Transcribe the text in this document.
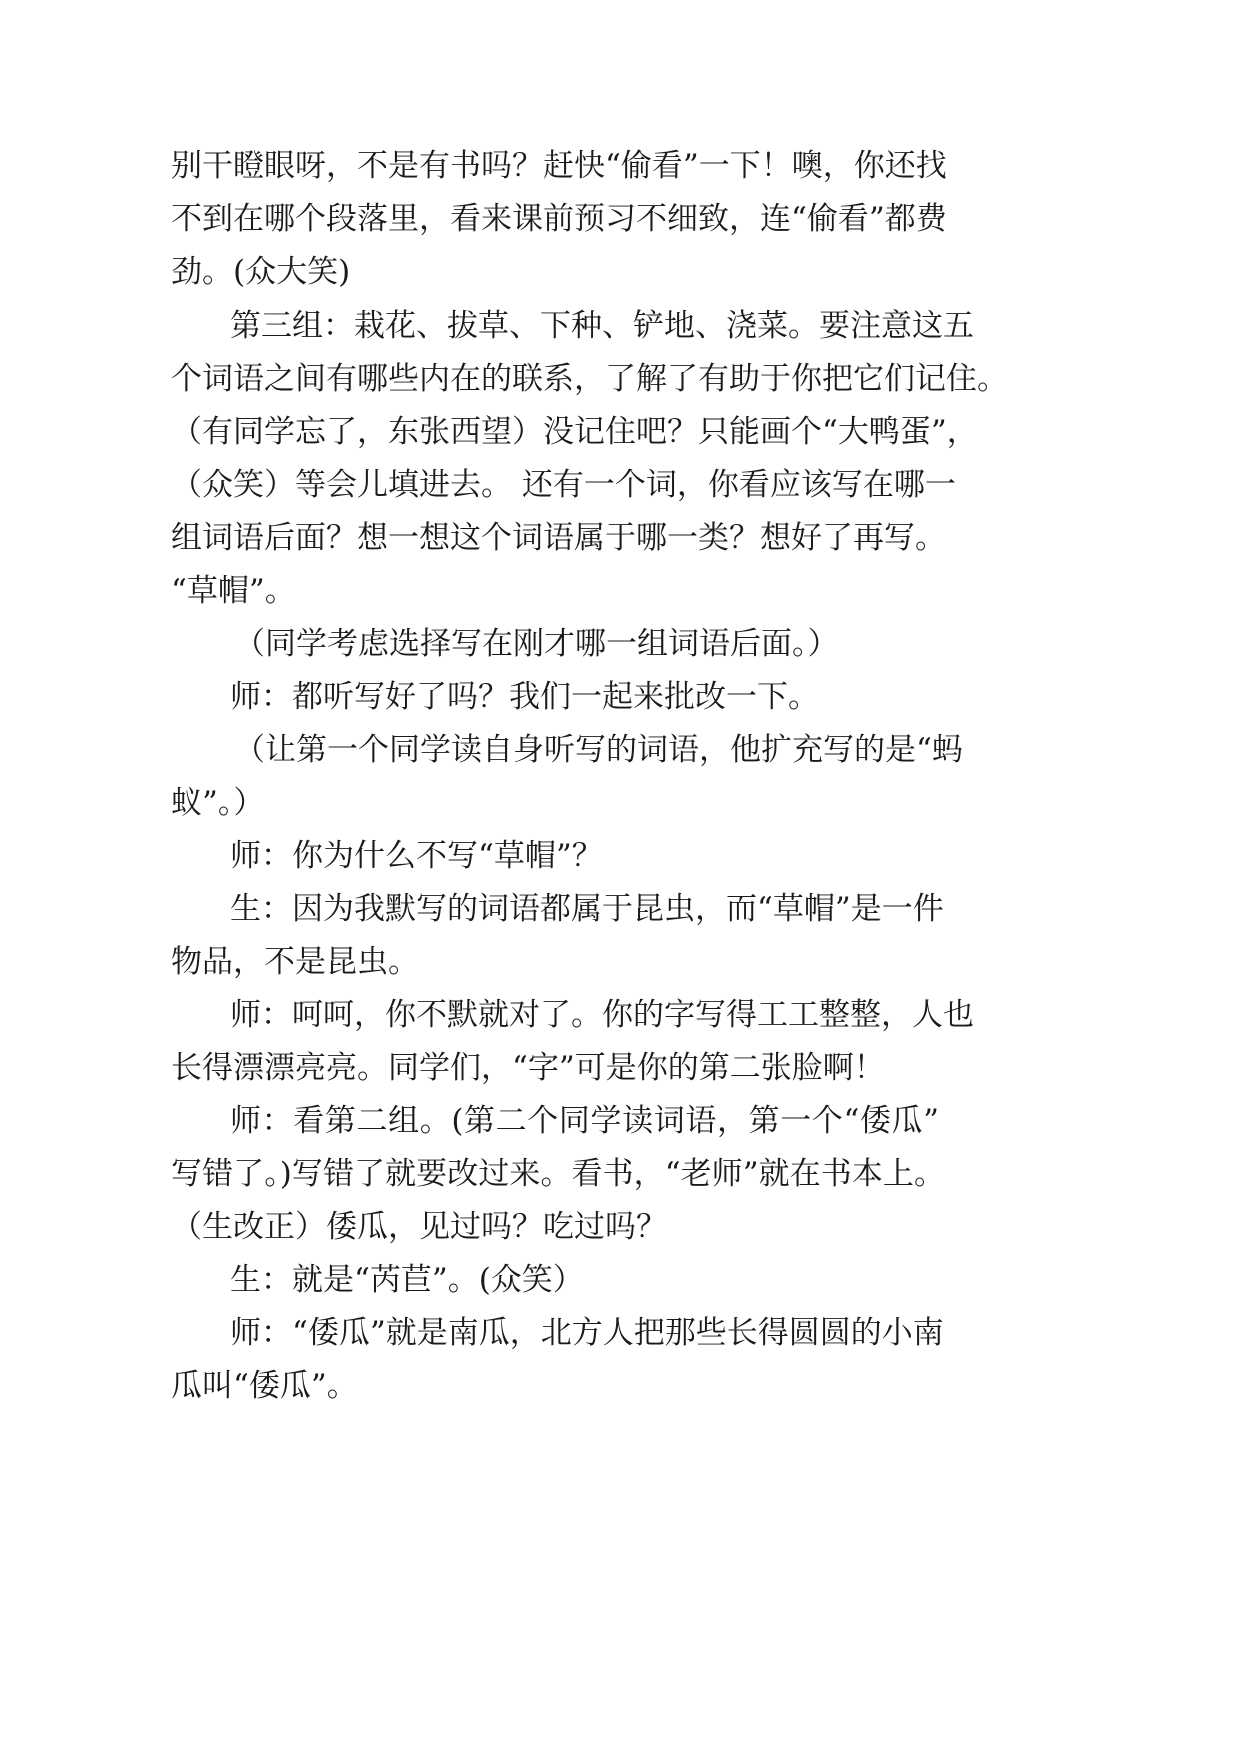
别干瞪眼呀，不是有书吗？赶快“偷看”一下！噢，你还找
不到在哪个段落里，看来课前预习不细致，连“偷看”都费
劲。(众大笑)
第三组：栽花、拔草、下种、铲地、浇菜。要注意这五
个词语之间有哪些内在的联系，了解了有助于你把它们记住。
（有同学忘了，东张西望）没记住吧？只能画个“大鸭蛋”，
（众笑）等会儿填进去。 还有一个词，你看应该写在哪一
组词语后面？想一想这个词语属于哪一类？想好了再写。
“草帽”。
（同学考虑选择写在刚才哪一组词语后面。）
师：都听写好了吗？我们一起来批改一下。
（让第一个同学读自身听写的词语，他扩充写的是“蚂
蚁”。）
师：你为什么不写“草帽”？
生：因为我默写的词语都属于昆虫，而“草帽”是一件
物品，不是昆虫。
师：呵呵，你不默就对了。你的字写得工工整整，人也
长得漂漂亮亮。同学们，“字”可是你的第二张脸啊！
师：看第二组。(第二个同学读词语，第一个“倭瓜”
写错了。)写错了就要改过来。看书，“老师”就在书本上。
（生改正）倭瓜，见过吗？吃过吗？
生：就是“芮苣”。(众笑）
师：“倭瓜”就是南瓜，北方人把那些长得圆圆的小南
瓜叫“倭瓜”。
